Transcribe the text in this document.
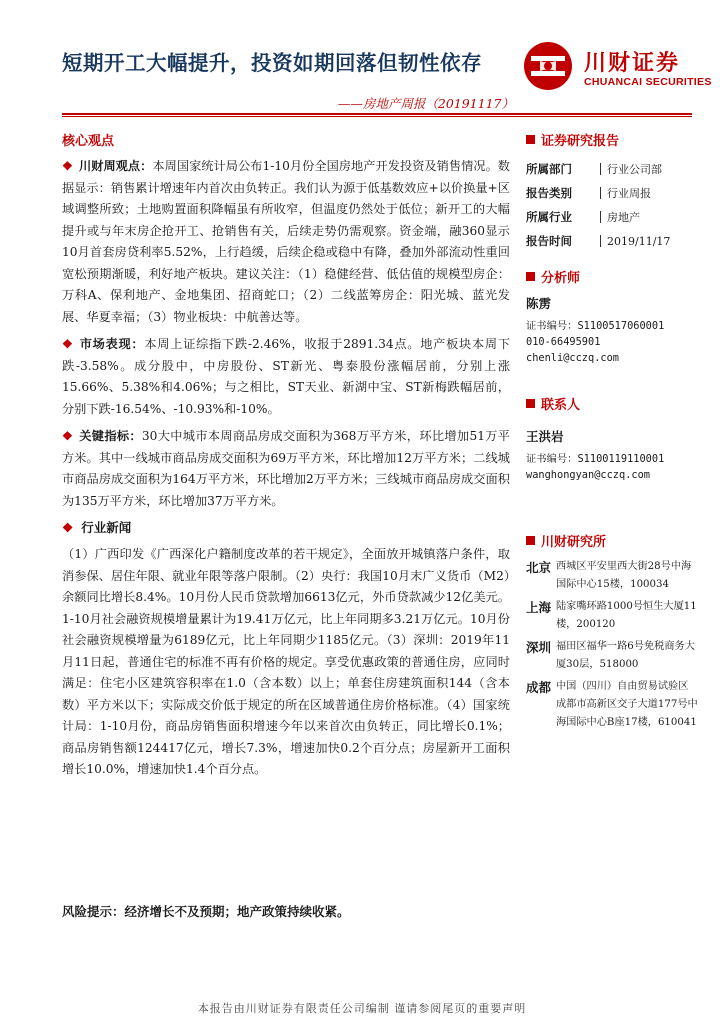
短期开工大幅提升，投资如期回落但韧性依存	川财证券
CHUANCAI SECURITIES
——房地产周报（20191117）
核心观点
❖ 川财周观点：本周国家统计局公布1-10月份全国房地产开发投资及销售情况。数据显示：销售累计增速年内首次由负转正。我们认为源于低基数效应+以价换量+区域调整所致；土地购置面积降幅虽有所收窄，但温度仍然处于低位；新开工的大幅提升或与年末房企抢开工、抢销售有关，后续走势仍需观察。资金端，融360显示10月首套房贷利率5.52%，上行趋缓，后续企稳或稳中有降，叠加外部流动性重回宽松预期渐暖，利好地产板块。建议关注：（1）稳健经营、低估值的规模型房企：万科A、保利地产、金地集团、招商蛇口；（2）二线蓝筹房企：阳光城、蓝光发展、华夏幸福；（3）物业板块：中航善达等。
❖ 市场表现：本周上证综指下跌-2.46%，收报于2891.34点。地产板块本周下跌-3.58%。成分股中，中房股份、ST新光、粤泰股份涨幅居前，分别上涨15.66%、5.38%和4.06%；与之相比，ST天业、新湖中宝、ST新梅跌幅居前，分别下跌-16.54%、-10.93%和-10%。
❖ 关键指标：30大中城市本周商品房成交面积为368万平方米，环比增加51万平方米。其中一线城市商品房成交面积为69万平方米，环比增加12万平方米；二线城市商品房成交面积为164万平方米，环比增加2万平方米；三线城市商品房成交面积为135万平方米，环比增加37万平方米。
❖ 行业新闻
（1）广西印发《广西深化户籍制度改革的若干规定》，全面放开城镇落户条件，取消参保、居住年限、就业年限等落户限制。（2）央行：我国10月末广义货币（M2）余额同比增长8.4%。10月份人民币贷款增加6613亿元，外币贷款减少12亿美元。1-10月社会融资规模增量累计为19.41万亿元，比上年同期多3.21万亿元。10月份社会融资规模增量为6189亿元，比上年同期少1185亿元。（3）深圳：2019年11月11日起，普通住宅的标准不再有价格的规定。享受优惠政策的普通住房，应同时满足：住宅小区建筑容积率在1.0（含本数）以上；单套住房建筑面积144（含本数）平方米以下；实际成交价低于规定的所在区域普通住房价格标准。（4）国家统计局：1-10月份，商品房销售面积增速今年以来首次由负转正，同比增长0.1%；商品房销售额124417亿元，增长7.3%，增速加快0.2个百分点；房屋新开工面积增长10.0%，增速加快1.4个百分点。
风险提示：经济增长不及预期；地产政策持续收紧。
证券研究报告
所属部门	行业公司部
报告类别	行业周报
所属行业	房地产
报告时间	2019/11/17
分析师
陈雳
证书编号：S1100517060001
010-66495901
chenli@cczq.com
联系人
王洪岩
证书编号：S1100119110001
wanghongyan@cczq.com
川财研究所
北京 西城区平安里西大街28号中海国际中心15楼，100034
上海 陆家嘴环路1000号恒生大厦11楼，200120
深圳 福田区福华一路6号免税商务大厦30层，518000
成都 中国（四川）自由贸易试验区成都市高新区交子大道177号中海国际中心B座17楼，610041
本报告由川财证券有限责任公司编制 谨请参阅尾页的重要声明
